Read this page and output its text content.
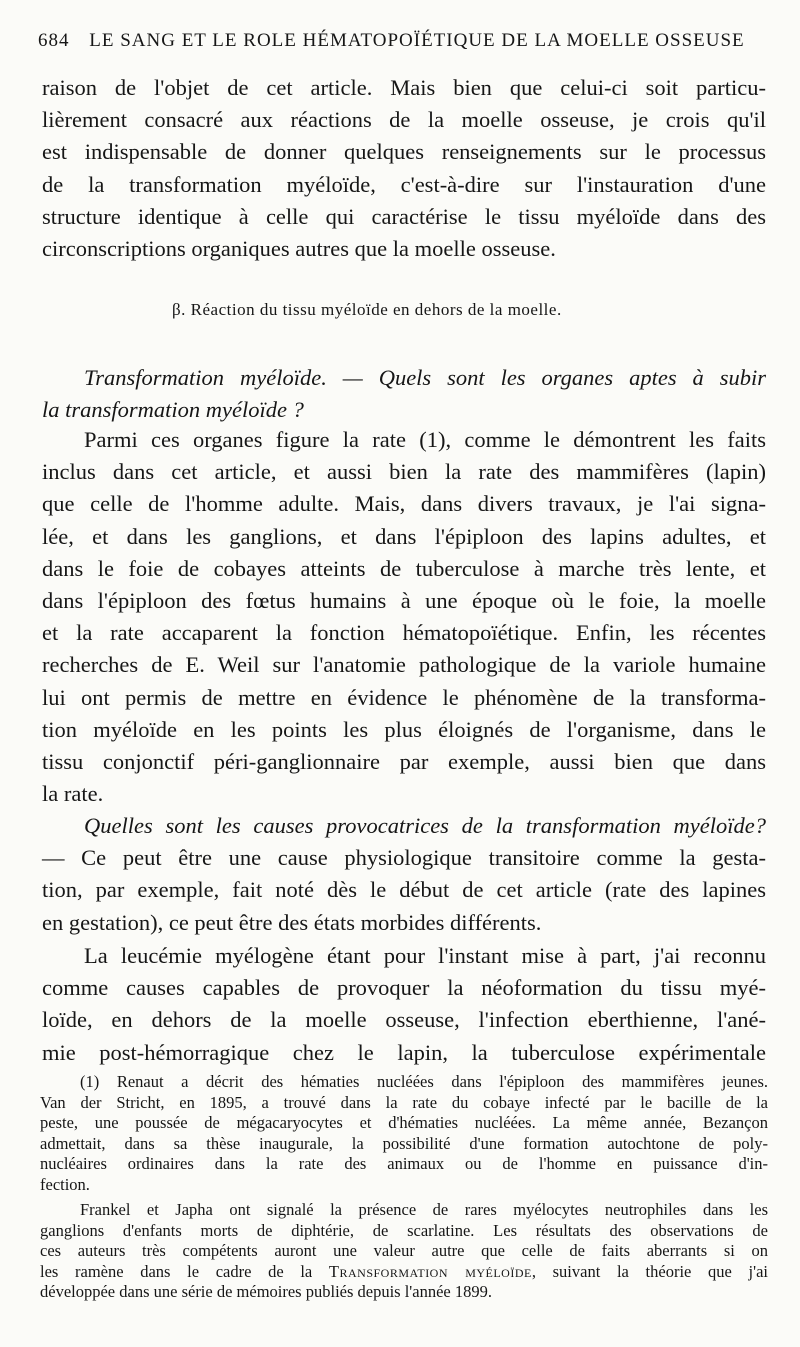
684 LE SANG ET LE ROLE HÉMATOPOÏÉTIQUE DE LA MOELLE OSSEUSE
raison de l'objet de cet article. Mais bien que celui-ci soit particu-
lièrement consacré aux réactions de la moelle osseuse, je crois qu'il
est indispensable de donner quelques renseignements sur le processus
de la transformation myéloïde, c'est-à-dire sur l'instauration d'une
structure identique à celle qui caractérise le tissu myéloïde dans des
circonscriptions organiques autres que la moelle osseuse.
β. Réaction du tissu myéloïde en dehors de la moelle.
Transformation myéloïde. — Quels sont les organes aptes à subir
la transformation myéloïde ?
Parmi ces organes figure la rate (1), comme le démontrent les faits
inclus dans cet article, et aussi bien la rate des mammifères (lapin)
que celle de l'homme adulte. Mais, dans divers travaux, je l'ai signa-
lée, et dans les ganglions, et dans l'épiploon des lapins adultes, et
dans le foie de cobayes atteints de tuberculose à marche très lente, et
dans l'épiploon des fœtus humains à une époque où le foie, la moelle
et la rate accaparent la fonction hématopoïétique. Enfin, les récentes
recherches de E. Weil sur l'anatomie pathologique de la variole humaine
lui ont permis de mettre en évidence le phénomène de la transforma-
tion myéloïde en les points les plus éloignés de l'organisme, dans le
tissu conjonctif péri-ganglionnaire par exemple, aussi bien que dans
la rate.
Quelles sont les causes provocatrices de la transformation myéloïde?
— Ce peut être une cause physiologique transitoire comme la gesta-
tion, par exemple, fait noté dès le début de cet article (rate des lapines
en gestation), ce peut être des états morbides différents.
La leucémie myélogène étant pour l'instant mise à part, j'ai reconnu
comme causes capables de provoquer la néoformation du tissu myé-
loïde, en dehors de la moelle osseuse, l'infection eberthienne, l'ané-
mie post-hémorragique chez le lapin, la tuberculose expérimentale
(1) Renaut a décrit des hématies nucléées dans l'épiploon des mammifères jeunes.
Van der Stricht, en 1895, a trouvé dans la rate du cobaye infecté par le bacille de la
peste, une poussée de mégacaryocytes et d'hématies nucléées. La même année, Bezançon
admettait, dans sa thèse inaugurale, la possibilité d'une formation autochtone de poly-
nucléaires ordinaires dans la rate des animaux ou de l'homme en puissance d'in-
fection.
Frankel et Japha ont signalé la présence de rares myélocytes neutrophiles dans les
ganglions d'enfants morts de diphtérie, de scarlatine. Les résultats des observations de
ces auteurs très compétents auront une valeur autre que celle de faits aberrants si on
les ramène dans le cadre de la Transformation myéloïde, suivant la théorie que j'ai
développée dans une série de mémoires publiés depuis l'année 1899.
